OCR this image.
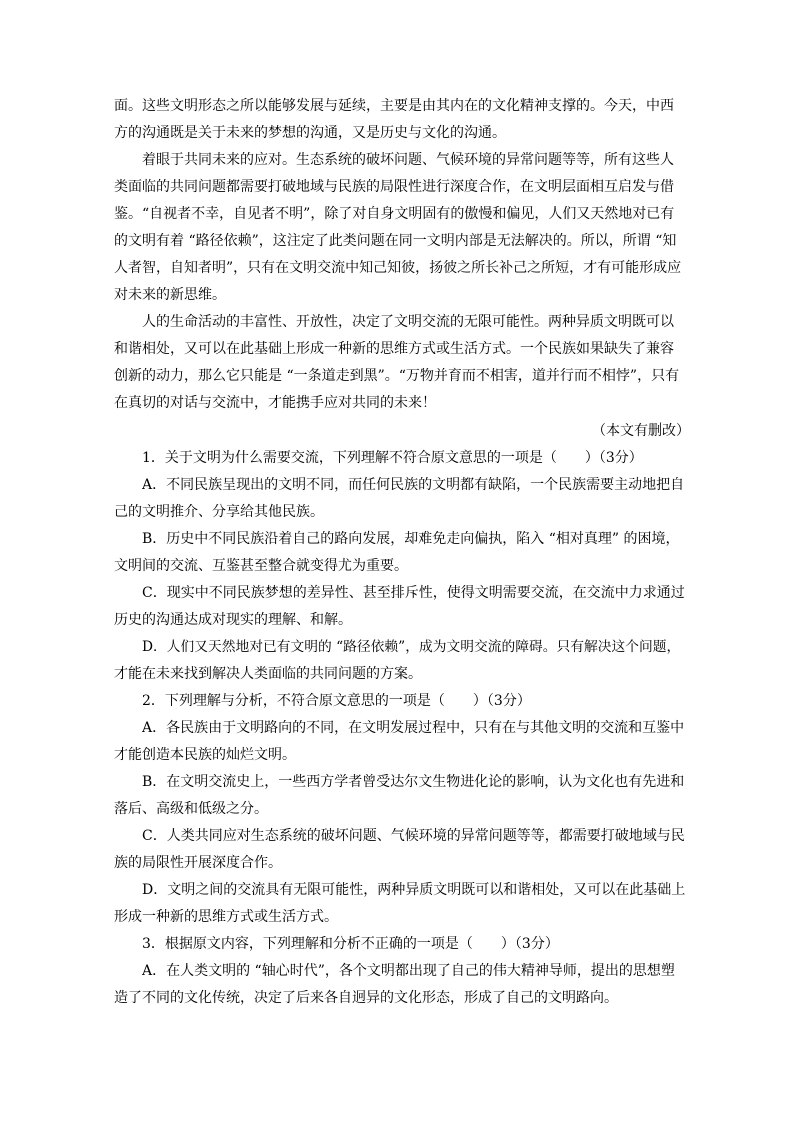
面。这些文明形态之所以能够发展与延续，主要是由其内在的文化精神支撑的。今天，中西
方的沟通既是关于未来的梦想的沟通，又是历史与文化的沟通。
着眼于共同未来的应对。生态系统的破坏问题、气候环境的异常问题等等，所有这些人
类面临的共同问题都需要打破地域与民族的局限性进行深度合作，在文明层面相互启发与借
鉴。“自视者不幸，自见者不明”，除了对自身文明固有的傲慢和偏见，人们又天然地对已有
的文明有着 “路径依赖”，这注定了此类问题在同一文明内部是无法解决的。所以，所谓 “知
人者智，自知者明”，只有在文明交流中知己知彼，扬彼之所长补己之所短，才有可能形成应
对未来的新思维。
人的生命活动的丰富性、开放性，决定了文明交流的无限可能性。两种异质文明既可以
和谐相处，又可以在此基础上形成一种新的思维方式或生活方式。一个民族如果缺失了兼容
创新的动力，那么它只能是 “一条道走到黑”。“万物并育而不相害，道并行而不相悖”，只有
在真切的对话与交流中，才能携手应对共同的未来！
（本文有删改）
1．关于文明为什么需要交流，下列理解不符合原文意思的一项是（　　）（3分）
A．不同民族呈现出的文明不同，而任何民族的文明都有缺陷，一个民族需要主动地把自
己的文明推介、分享给其他民族。
B．历史中不同民族沿着自己的路向发展，却难免走向偏执，陷入 “相对真理” 的困境，
文明间的交流、互鉴甚至整合就变得尤为重要。
C．现实中不同民族梦想的差异性、甚至排斥性，使得文明需要交流，在交流中力求通过
历史的沟通达成对现实的理解、和解。
D．人们又天然地对已有文明的 “路径依赖”，成为文明交流的障碍。只有解决这个问题，
才能在未来找到解决人类面临的共同问题的方案。
2．下列理解与分析，不符合原文意思的一项是（　　）（3分）
A．各民族由于文明路向的不同，在文明发展过程中，只有在与其他文明的交流和互鉴中
才能创造本民族的灿烂文明。
B．在文明交流史上，一些西方学者曾受达尔文生物进化论的影响，认为文化也有先进和
落后、高级和低级之分。
C．人类共同应对生态系统的破坏问题、气候环境的异常问题等等，都需要打破地域与民
族的局限性开展深度合作。
D．文明之间的交流具有无限可能性，两种异质文明既可以和谐相处，又可以在此基础上
形成一种新的思维方式或生活方式。
3．根据原文内容，下列理解和分析不正确的一项是（　　）（3分）
A．在人类文明的 “轴心时代”，各个文明都出现了自己的伟大精神导师，提出的思想塑
造了不同的文化传统，决定了后来各自迥异的文化形态，形成了自己的文明路向。
